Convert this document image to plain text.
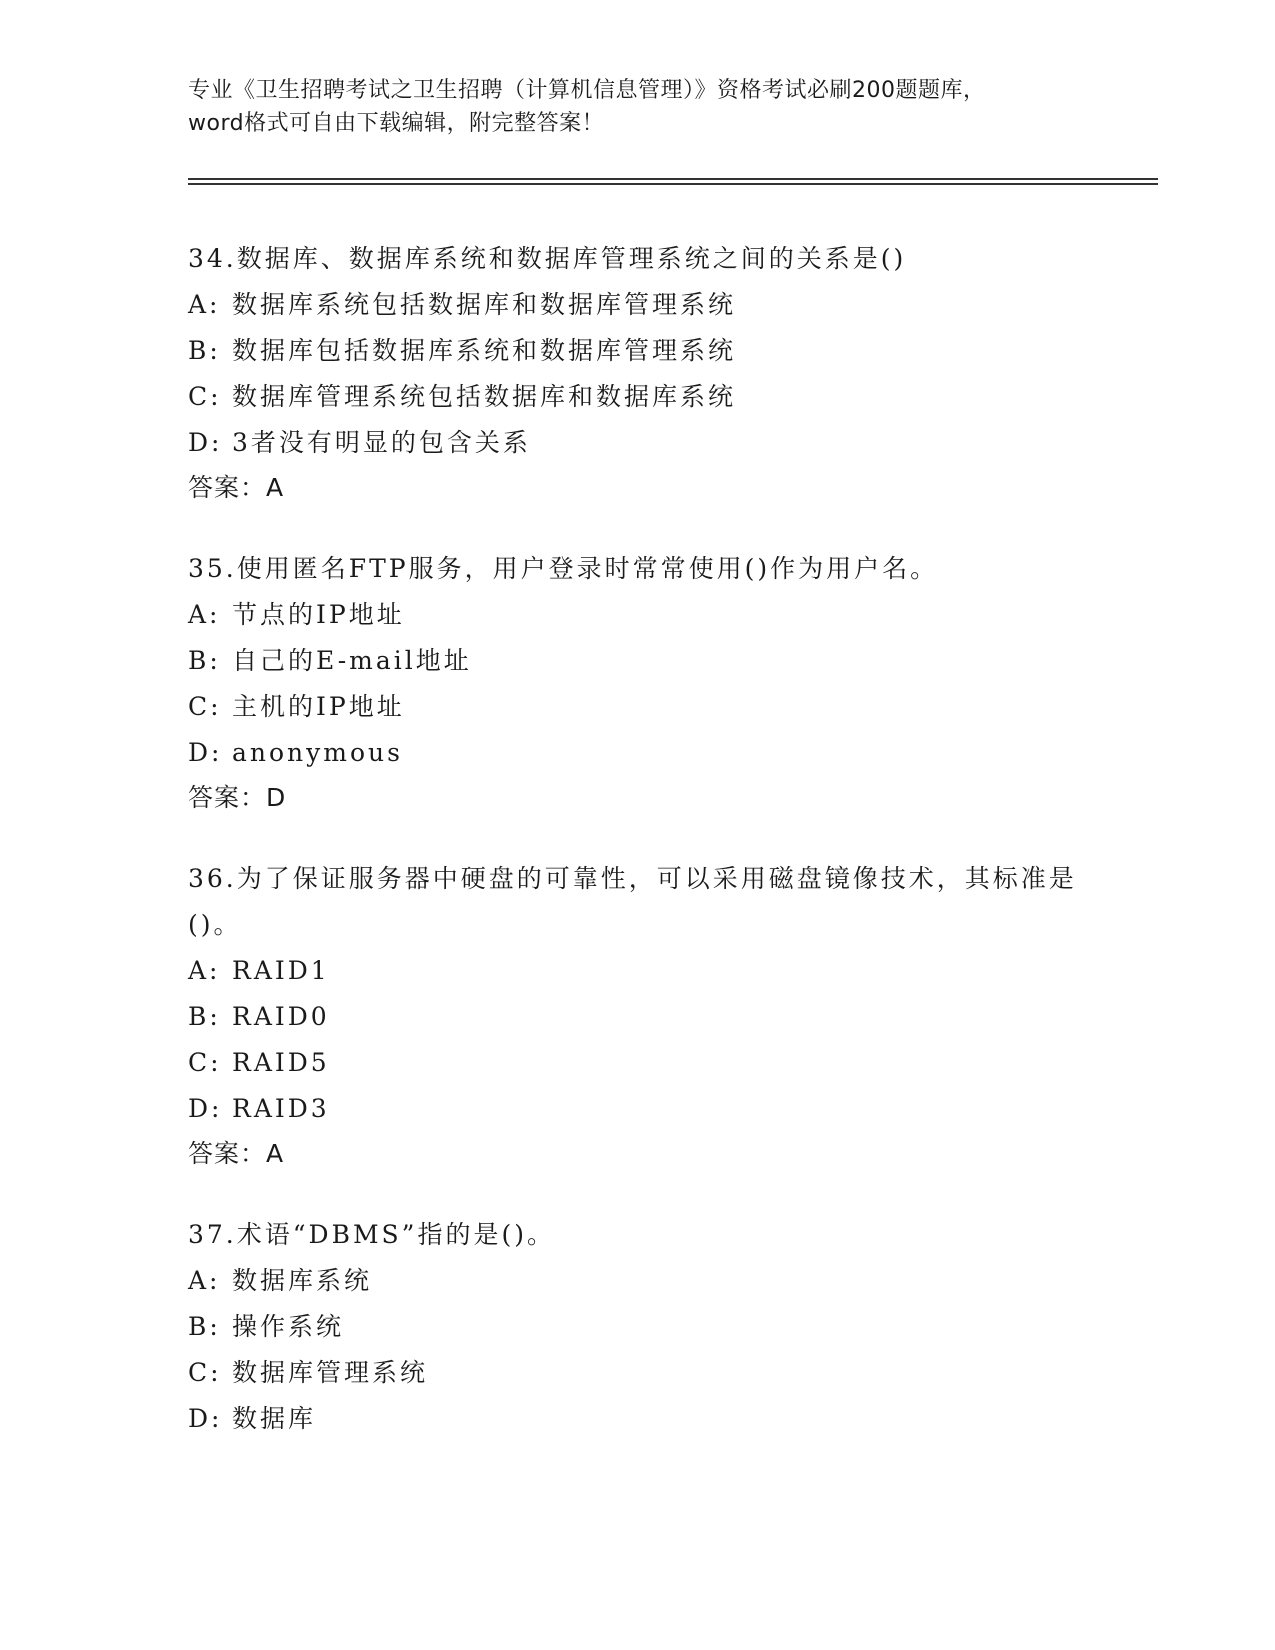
专业《卫生招聘考试之卫生招聘（计算机信息管理）》资格考试必刷200题题库，
word格式可自由下载编辑，附完整答案！
34.数据库、数据库系统和数据库管理系统之间的关系是()
A: 数据库系统包括数据库和数据库管理系统
B: 数据库包括数据库系统和数据库管理系统
C: 数据库管理系统包括数据库和数据库系统
D: 3者没有明显的包含关系
答案：A
35.使用匿名FTP服务，用户登录时常常使用()作为用户名。
A: 节点的IP地址
B: 自己的E-mail地址
C: 主机的IP地址
D: anonymous
答案：D
36.为了保证服务器中硬盘的可靠性，可以采用磁盘镜像技术，其标准是()。
A: RAID1
B: RAID0
C: RAID5
D: RAID3
答案：A
37.术语“DBMS”指的是()。
A: 数据库系统
B: 操作系统
C: 数据库管理系统
D: 数据库
